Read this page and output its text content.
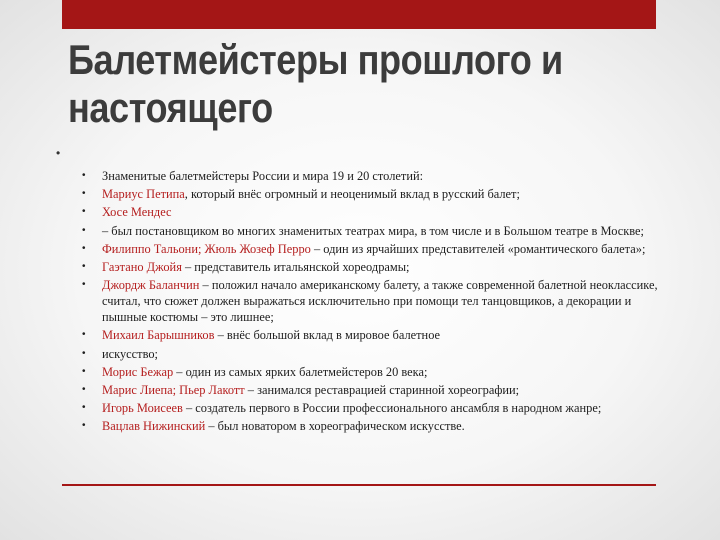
Балетмейстеры прошлого и настоящего
•
• Знаменитые балетмейстеры России и мира 19 и 20 столетий:
• Мариус Петипа, который внёс огромный и неоценимый вклад в русский балет;
• Хосе Мендес
• – был постановщиком во многих знаменитых театрах мира, в том числе и в Большом театре в Москве;
• Филиппо Тальони; Жюль Жозеф Перро – один из ярчайших представителей «романтического балета»;
• Гаэтано Джойя – представитель итальянской хореодрамы;
• Джордж Баланчин – положил начало американскому балету, а также современной балетной неоклассике, считал, что сюжет должен выражаться исключительно при помощи тел танцовщиков, а декорации и пышные костюмы – это лишнее;
• Михаил Барышников – внёс большой вклад в мировое балетное
• искусство;
• Морис Бежар – один из самых ярких балетмейстеров 20 века;
• Марис Лиепа; Пьер Лакотт – занимался реставрацией старинной хореографии;
• Игорь Моисеев – создатель первого в России профессионального ансамбля в народном жанре;
• Вацлав Нижинский – был новатором в хореографическом искусстве.
